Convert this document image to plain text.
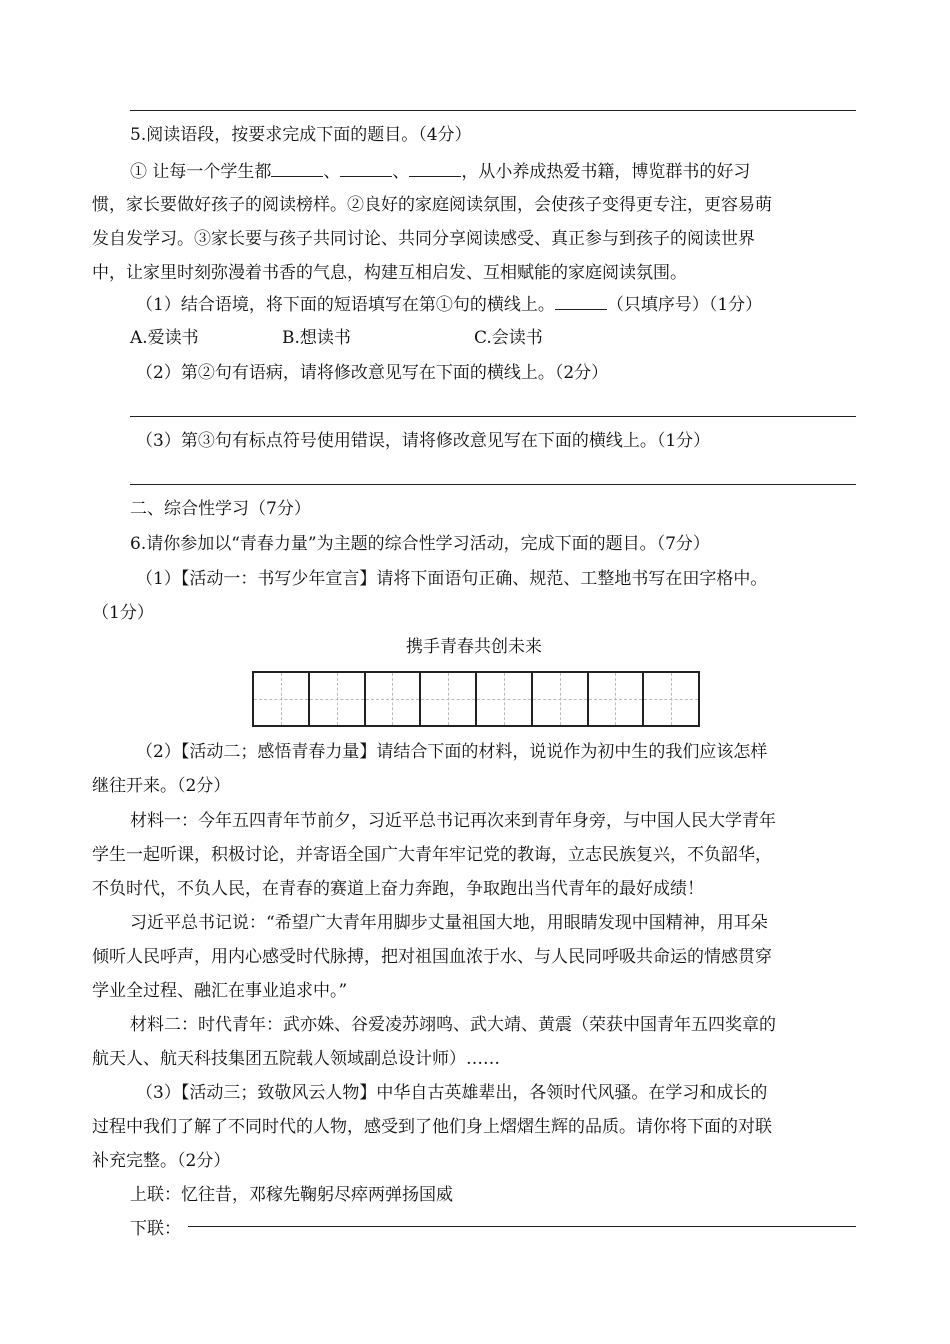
5.阅读语段，按要求完成下面的题目。（4分）
① 让每一个学生都	、	、	，从小养成热爱书籍，博览群书的好习
惯，家长要做好孩子的阅读榜样。②良好的家庭阅读氛围，会使孩子变得更专注，更容易萌
发自发学习。③家长要与孩子共同讨论、共同分享阅读感受、真正参与到孩子的阅读世界
中，让家里时刻弥漫着书香的气息，构建互相启发、互相赋能的家庭阅读氛围。
（1）结合语境，将下面的短语填写在第①句的横线上。	（只填序号）（1分）
A.爱读书	B.想读书	C.会读书
（2）第②句有语病，请将修改意见写在下面的横线上。（2分）
（3）第③句有标点符号使用错误，请将修改意见写在下面的横线上。（1分）
二、综合性学习（7分）
6.请你参加以“青春力量”为主题的综合性学习活动，完成下面的题目。（7分）
（1）【活动一：书写少年宣言】请将下面语句正确、规范、工整地书写在田字格中。
（1分）
携手青春共创未来
（2）【活动二；感悟青春力量】请结合下面的材料，说说作为初中生的我们应该怎样
继往开来。（2分）
材料一：今年五四青年节前夕，习近平总书记再次来到青年身旁，与中国人民大学青年
学生一起听课，积极讨论，并寄语全国广大青年牢记党的教诲，立志民族复兴，不负韶华，
不负时代，不负人民，在青春的赛道上奋力奔跑，争取跑出当代青年的最好成绩！
习近平总书记说：“希望广大青年用脚步丈量祖国大地，用眼睛发现中国精神，用耳朵
倾听人民呼声，用内心感受时代脉搏，把对祖国血浓于水、与人民同呼吸共命运的情感贯穿
学业全过程、融汇在事业追求中。”
材料二：时代青年：武亦姝、谷爱凌苏翊鸣、武大靖、黄震（荣获中国青年五四奖章的
航天人、航天科技集团五院载人领域副总设计师）……
（3）【活动三；致敬风云人物】中华自古英雄辈出，各领时代风骚。在学习和成长的
过程中我们了解了不同时代的人物，感受到了他们身上熠熠生辉的品质。请你将下面的对联
补充完整。（2分）
上联：忆往昔，邓稼先鞠躬尽瘁两弹扬国威
下联：
